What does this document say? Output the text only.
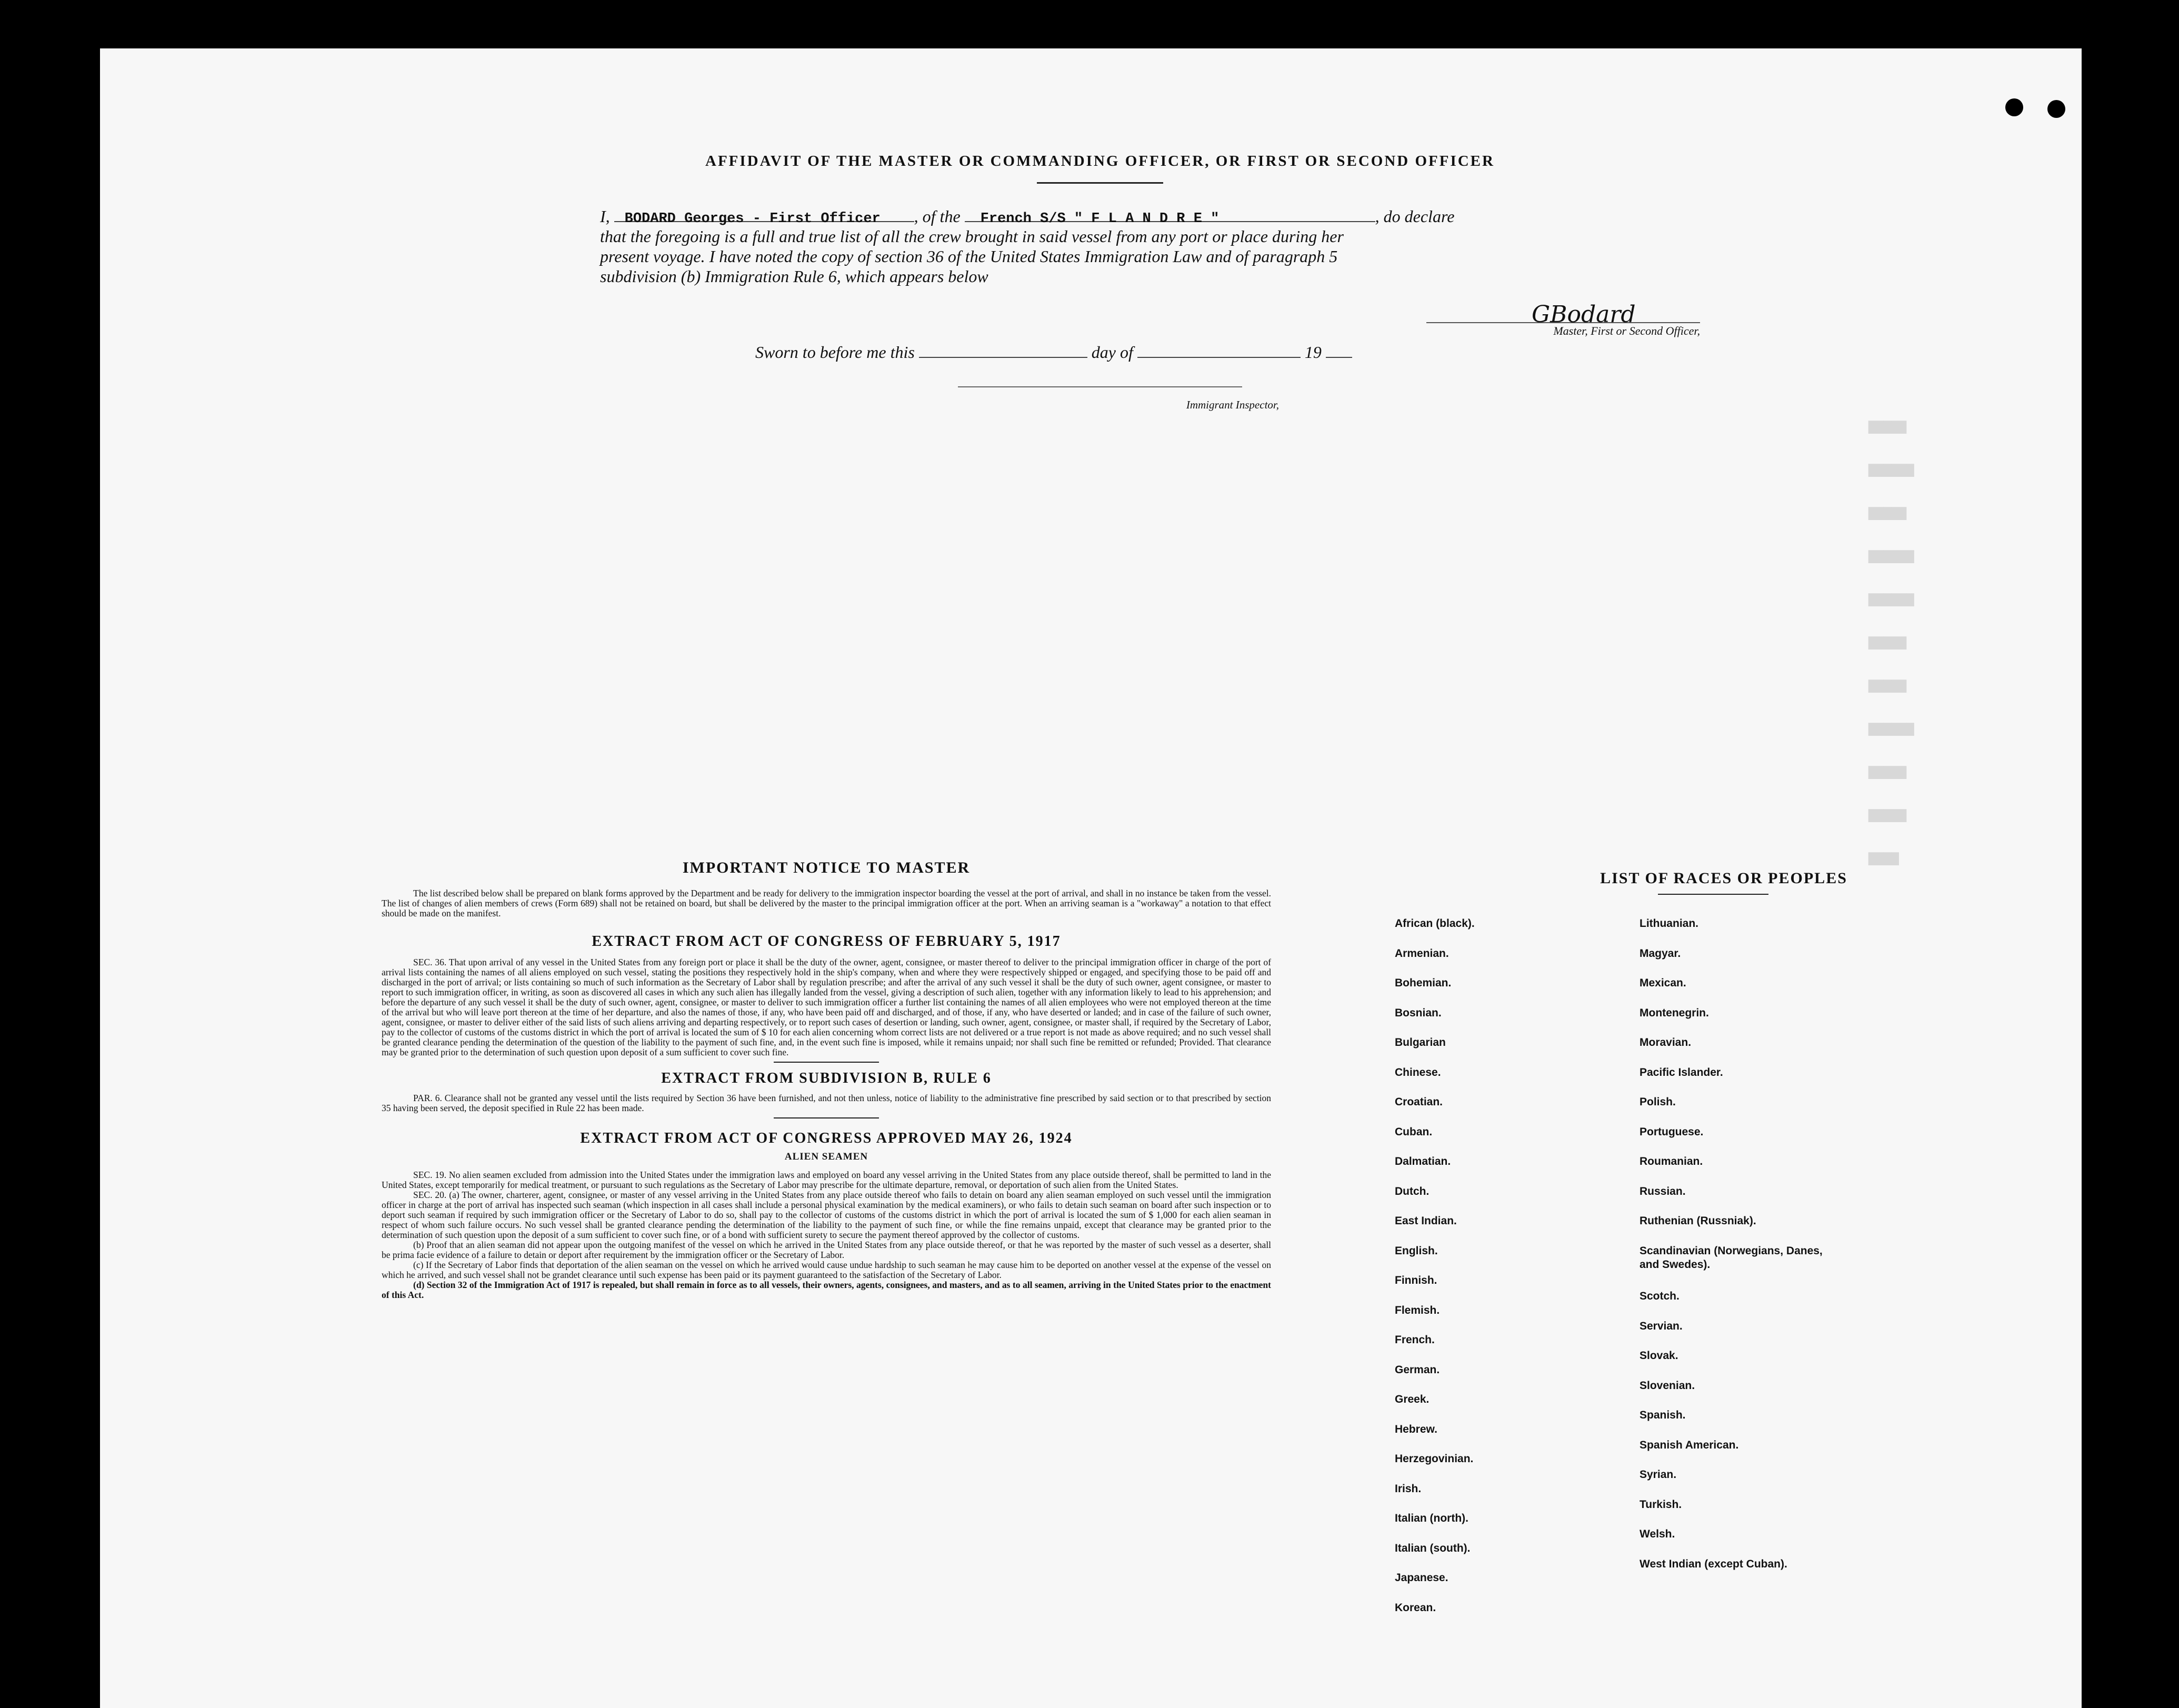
▇▇▇▇▇
▇▇▇▇▇▇
▇▇▇▇▇
▇▇▇▇▇▇
▇▇▇▇▇▇
▇▇▇▇▇
▇▇▇▇▇
▇▇▇▇▇▇
▇▇▇▇▇
▇▇▇▇▇
▇▇▇▇
AFFIDAVIT OF THE MASTER OR COMMANDING OFFICER, OR FIRST OR SECOND OFFICER
I, BODARD Georges - First Officer , of the French S/S " F L A N D R E "	, do declare
that the foregoing is a full and true list of all the crew brought in said vessel from any port or place during her
present voyage. I have noted the copy of section 36 of the United States Immigration Law and of paragraph 5
subdivision (b) Immigration Rule 6, which appears below
GBodard
Master, First or Second Officer,
Sworn to before me this	day of	19
Immigrant Inspector,
IMPORTANT NOTICE TO MASTER

The list described below shall be prepared on blank forms approved by the Department and be ready for delivery to the immigration inspector boarding the vessel at the port of arrival, and shall in no instance be taken from the vessel. The list of changes of alien members of crews (Form 689) shall not be retained on board, but shall be delivered by the master to the principal immigration officer at the port. When an arriving seaman is a "workaway" a notation to that effect should be made on the manifest.

EXTRACT FROM ACT OF CONGRESS OF FEBRUARY 5, 1917

SEC. 36. That upon arrival of any vessel in the United States from any foreign port or place it shall be the duty of the owner, agent, consignee, or master thereof to deliver to the principal immigration officer in charge of the port of arrival lists containing the names of all aliens employed on such vessel, stating the positions they respectively hold in the ship's company, when and where they were respectively shipped or engaged, and specifying those to be paid off and discharged in the port of arrival; or lists containing so much of such information as the Secretary of Labor shall by regulation prescribe; and after the arrival of any such vessel it shall be the duty of such owner, agent consignee, or master to report to such immigration officer, in writing, as soon as discovered all cases in which any such alien has illegally landed from the vessel, giving a description of such alien, together with any information likely to lead to his apprehension; and before the departure of any such vessel it shall be the duty of such owner, agent, consignee, or master to deliver to such immigration officer a further list containing the names of all alien employees who were not employed thereon at the time of the arrival but who will leave port thereon at the time of her departure, and also the names of those, if any, who have been paid off and discharged, and of those, if any, who have deserted or landed; and in case of the failure of such owner, agent, consignee, or master to deliver either of the said lists of such aliens arriving and departing respectively, or to report such cases of desertion or landing, such owner, agent, consignee, or master shall, if required by the Secretary of Labor, pay to the collector of customs of the customs district in which the port of arrival is located the sum of $ 10 for each alien concerning whom correct lists are not delivered or a true report is not made as above required; and no such vessel shall be granted clearance pending the determination of the question of the liability to the payment of such fine, and, in the event such fine is imposed, while it remains unpaid; nor shall such fine be remitted or refunded; Provided. That clearance may be granted prior to the determination of such question upon deposit of a sum sufficient to cover such fine.

EXTRACT FROM SUBDIVISION B, RULE 6

PAR. 6. Clearance shall not be granted any vessel until the lists required by Section 36 have been furnished, and not then unless, notice of liability to the administrative fine prescribed by said section or to that prescribed by section 35 having been served, the deposit specified in Rule 22 has been made.

EXTRACT FROM ACT OF CONGRESS APPROVED MAY 26, 1924
ALIEN SEAMEN

SEC. 19. No alien seamen excluded from admission into the United States under the immigration laws and employed on board any vessel arriving in the United States from any place outside thereof, shall be permitted to land in the United States, except temporarily for medical treatment, or pursuant to such regulations as the Secretary of Labor may prescribe for the ultimate departure, removal, or deportation of such alien from the United States.

SEC. 20. (a) The owner, charterer, agent, consignee, or master of any vessel arriving in the United States from any place outside thereof who fails to detain on board any alien seaman employed on such vessel until the immigration officer in charge at the port of arrival has inspected such seaman (which inspection in all cases shall include a personal physical examination by the medical examiners), or who fails to detain such seaman on board after such inspection or to deport such seaman if required by such immigration officer or the Secretary of Labor to do so, shall pay to the collector of customs of the customs district in which the port of arrival is located the sum of $ 1,000 for each alien seaman in respect of whom such failure occurs. No such vessel shall be granted clearance pending the determination of the liability to the payment of such fine, or while the fine remains unpaid, except that clearance may be granted prior to the determination of such question upon the deposit of a sum sufficient to cover such fine, or of a bond with sufficient surety to secure the payment thereof approved by the collector of customs.

(b) Proof that an alien seaman did not appear upon the outgoing manifest of the vessel on which he arrived in the United States from any place outside thereof, or that he was reported by the master of such vessel as a deserter, shall be prima facie evidence of a failure to detain or deport after requirement by the immigration officer or the Secretary of Labor.

(c) If the Secretary of Labor finds that deportation of the alien seaman on the vessel on which he arrived would cause undue hardship to such seaman he may cause him to be deported on another vessel at the expense of the vessel on which he arrived, and such vessel shall not be grandet clearance until such expense has been paid or its payment guaranteed to the satisfaction of the Secretary of Labor.

(d) Section 32 of the Immigration Act of 1917 is repealed, but shall remain in force as to all vessels, their owners, agents, consignees, and masters, and as to all seamen, arriving in the United States prior to the enactment of this Act.

LIST OF RACES OR PEOPLES
African (black).
Armenian.
Bohemian.
Bosnian.
Bulgarian
Chinese.
Croatian.
Cuban.
Dalmatian.
Dutch.
East Indian.
English.
Finnish.
Flemish.
French.
German.
Greek.
Hebrew.
Herzegovinian.
Irish.
Italian (north).
Italian (south).
Japanese.
Korean.
Lithuanian.
Magyar.
Mexican.
Montenegrin.
Moravian.
Pacific Islander.
Polish.
Portuguese.
Roumanian.
Russian.
Ruthenian (Russniak).
Scandinavian (Norwegians, Danes, and Swedes).
Scotch.
Servian.
Slovak.
Slovenian.
Spanish.
Spanish American.
Syrian.
Turkish.
Welsh.
West Indian (except Cuban).
